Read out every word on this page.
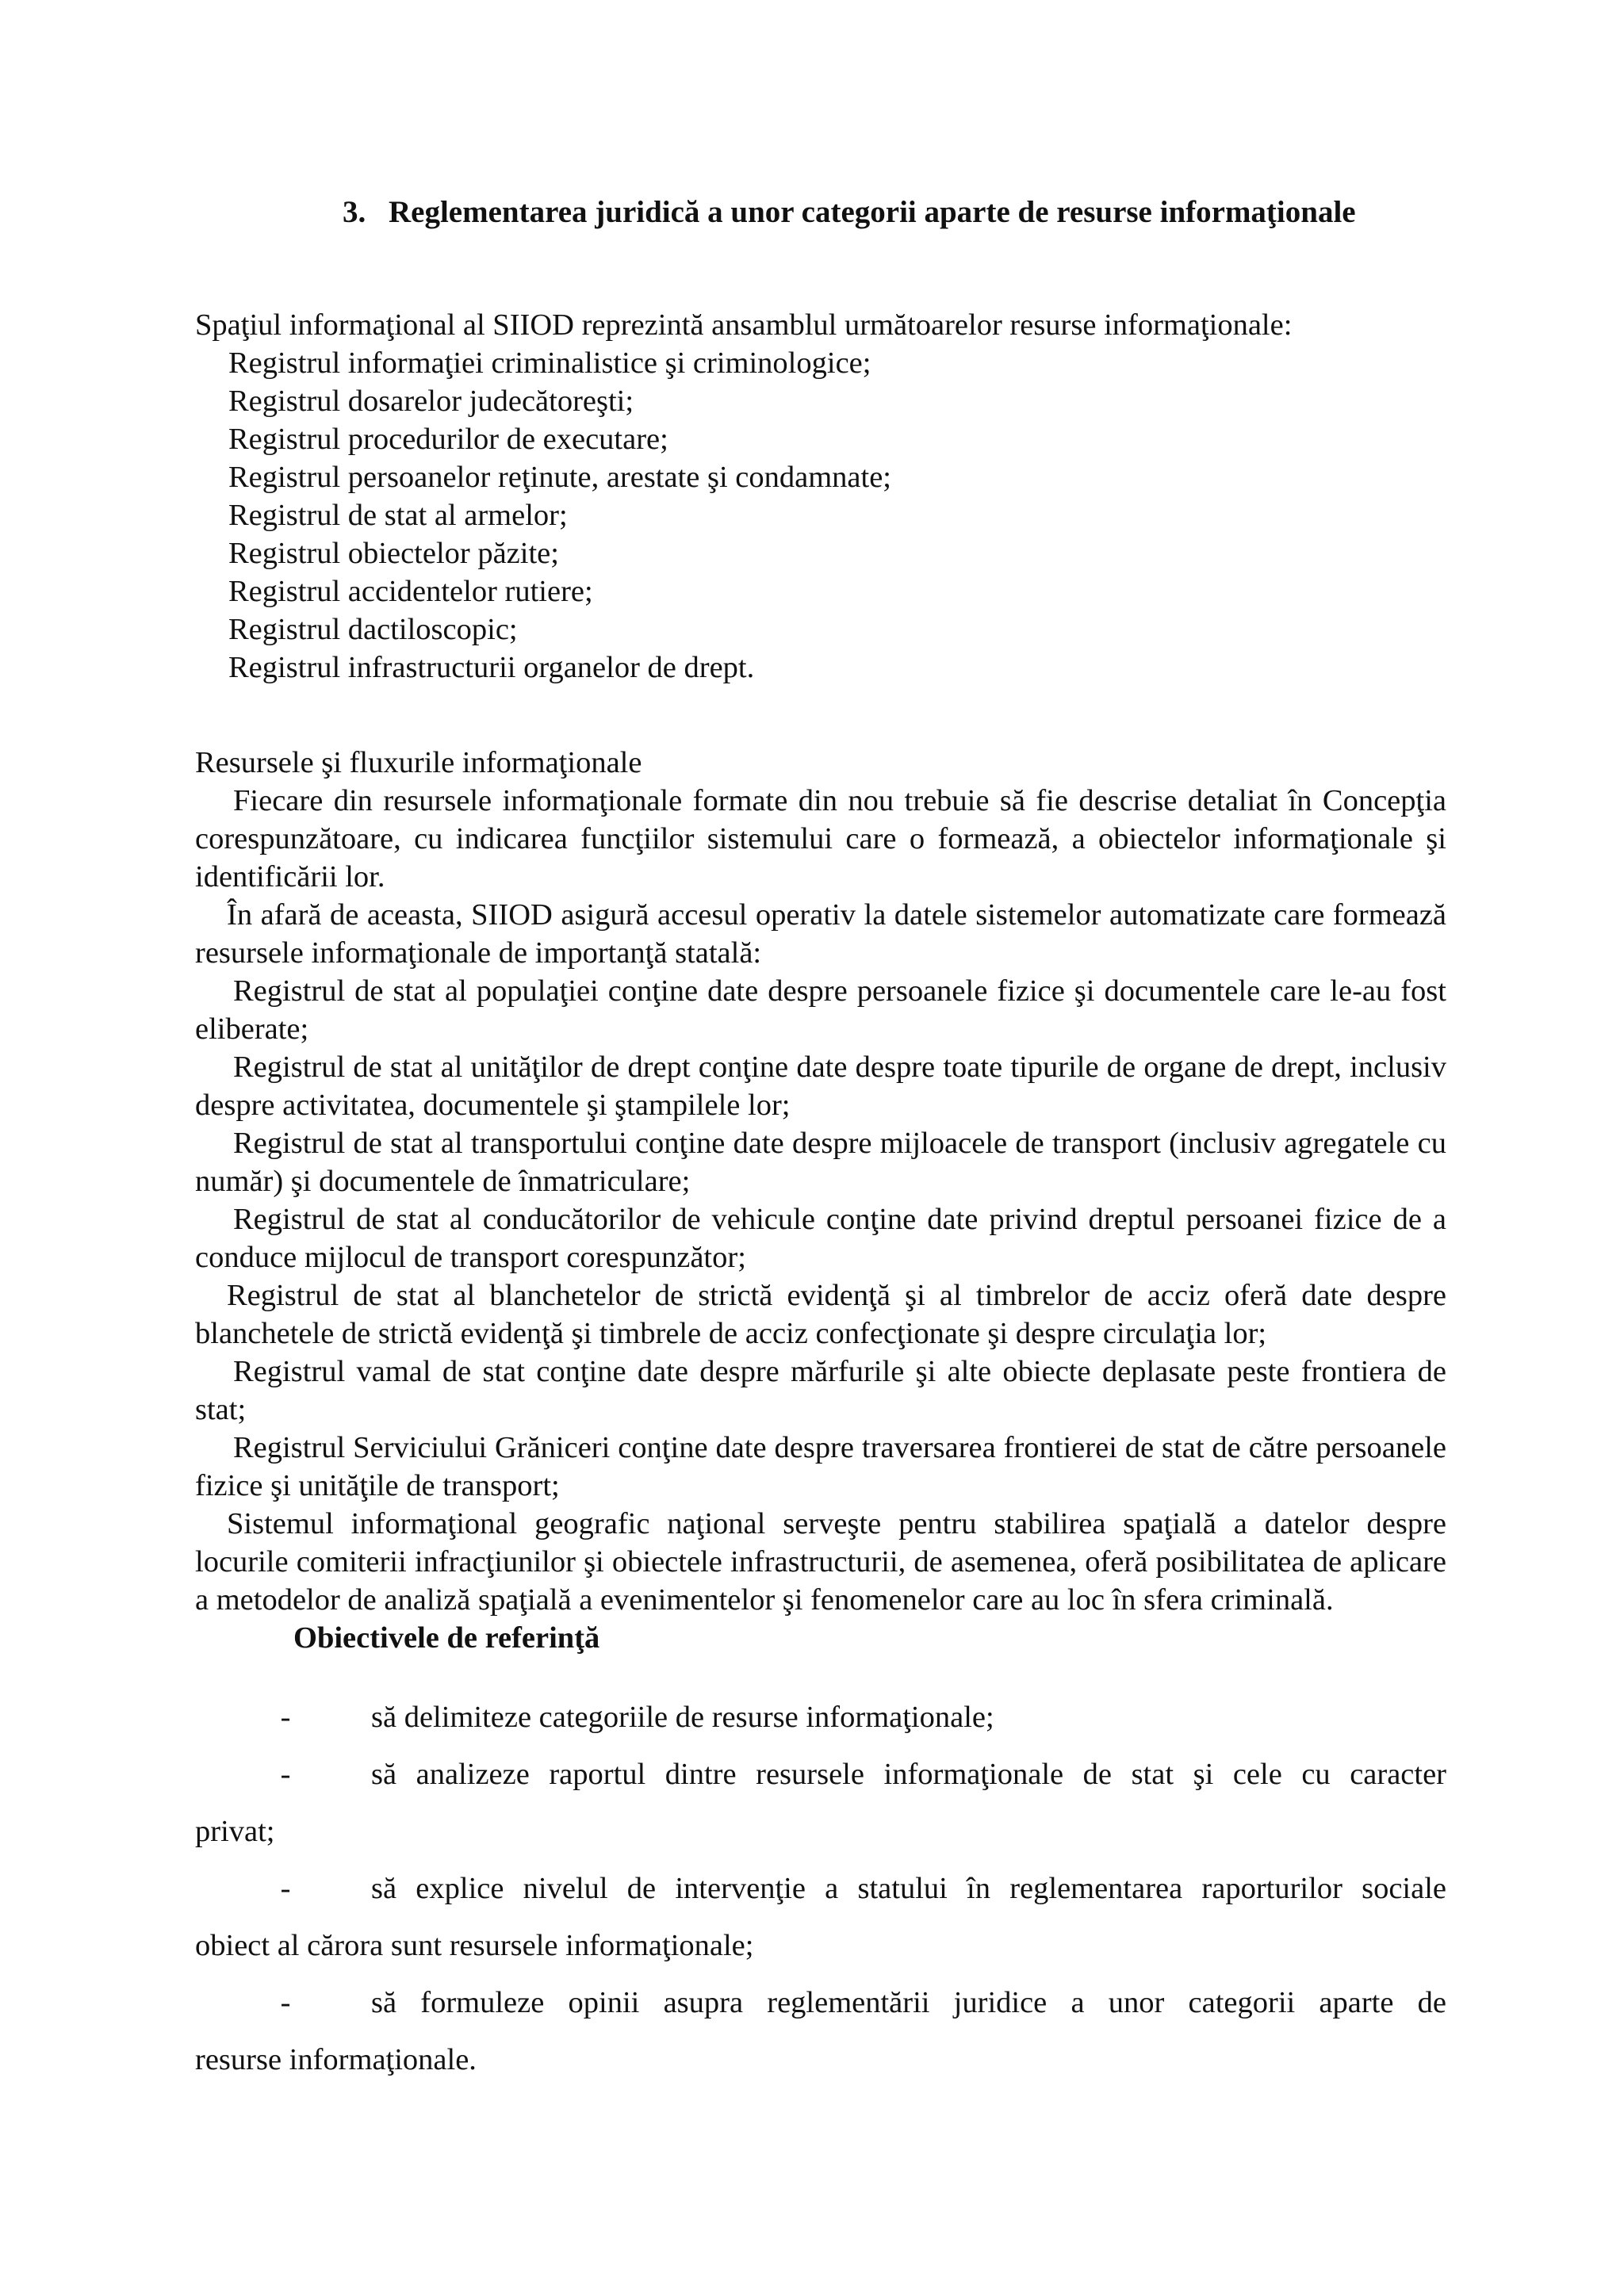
3. Reglementarea juridică a unor categorii aparte de resurse informaţionale
Spaţiul informaţional al SIIOD reprezintă ansamblul următoarelor resurse informaţionale:
Registrul informaţiei criminalistice şi criminologice;
Registrul dosarelor judecătoreşti;
Registrul procedurilor de executare;
Registrul persoanelor reţinute, arestate şi condamnate;
Registrul de stat al armelor;
Registrul obiectelor păzite;
Registrul accidentelor rutiere;
Registrul dactiloscopic;
Registrul infrastructurii organelor de drept.
Resursele şi fluxurile informaţionale
Fiecare din resursele informaţionale formate din nou trebuie să fie descrise detaliat în Concepţia corespunzătoare, cu indicarea funcţiilor sistemului care o formează, a obiectelor informaţionale şi identificării lor.
În afară de aceasta, SIIOD asigură accesul operativ la datele sistemelor automatizate care formează resursele informaţionale de importanţă statală:
Registrul de stat al populaţiei conţine date despre persoanele fizice şi documentele care le-au fost eliberate;
Registrul de stat al unităţilor de drept conţine date despre toate tipurile de organe de drept, inclusiv despre activitatea, documentele şi ştampilele lor;
Registrul de stat al transportului conţine date despre mijloacele de transport (inclusiv agregatele cu număr) şi documentele de înmatriculare;
Registrul de stat al conducătorilor de vehicule conţine date privind dreptul persoanei fizice de a conduce mijlocul de transport corespunzător;
Registrul de stat al blanchetelor de strictă evidenţă şi al timbrelor de acciz oferă date despre blanchetele de strictă evidenţă şi timbrele de acciz confecţionate şi despre circulaţia lor;
Registrul vamal de stat conţine date despre mărfurile şi alte obiecte deplasate peste frontiera de stat;
Registrul Serviciului Grăniceri conţine date despre traversarea frontierei de stat de către persoanele fizice şi unităţile de transport;
Sistemul informaţional geografic naţional serveşte pentru stabilirea spaţială a datelor despre locurile comiterii infracţiunilor şi obiectele infrastructurii, de asemenea, oferă posibilitatea de aplicare a metodelor de analiză spaţială a evenimentelor şi fenomenelor care au loc în sfera criminală.
Obiectivele de referinţă
-	să delimiteze categoriile de resurse informaţionale;
-	să analizeze raportul dintre resursele informaţionale de stat şi cele cu caracter
privat;
-	să explice nivelul de intervenţie a statului în reglementarea raporturilor sociale
obiect al cărora sunt resursele informaţionale;
-	să formuleze opinii asupra reglementării juridice a unor categorii aparte de
resurse informaţionale.
